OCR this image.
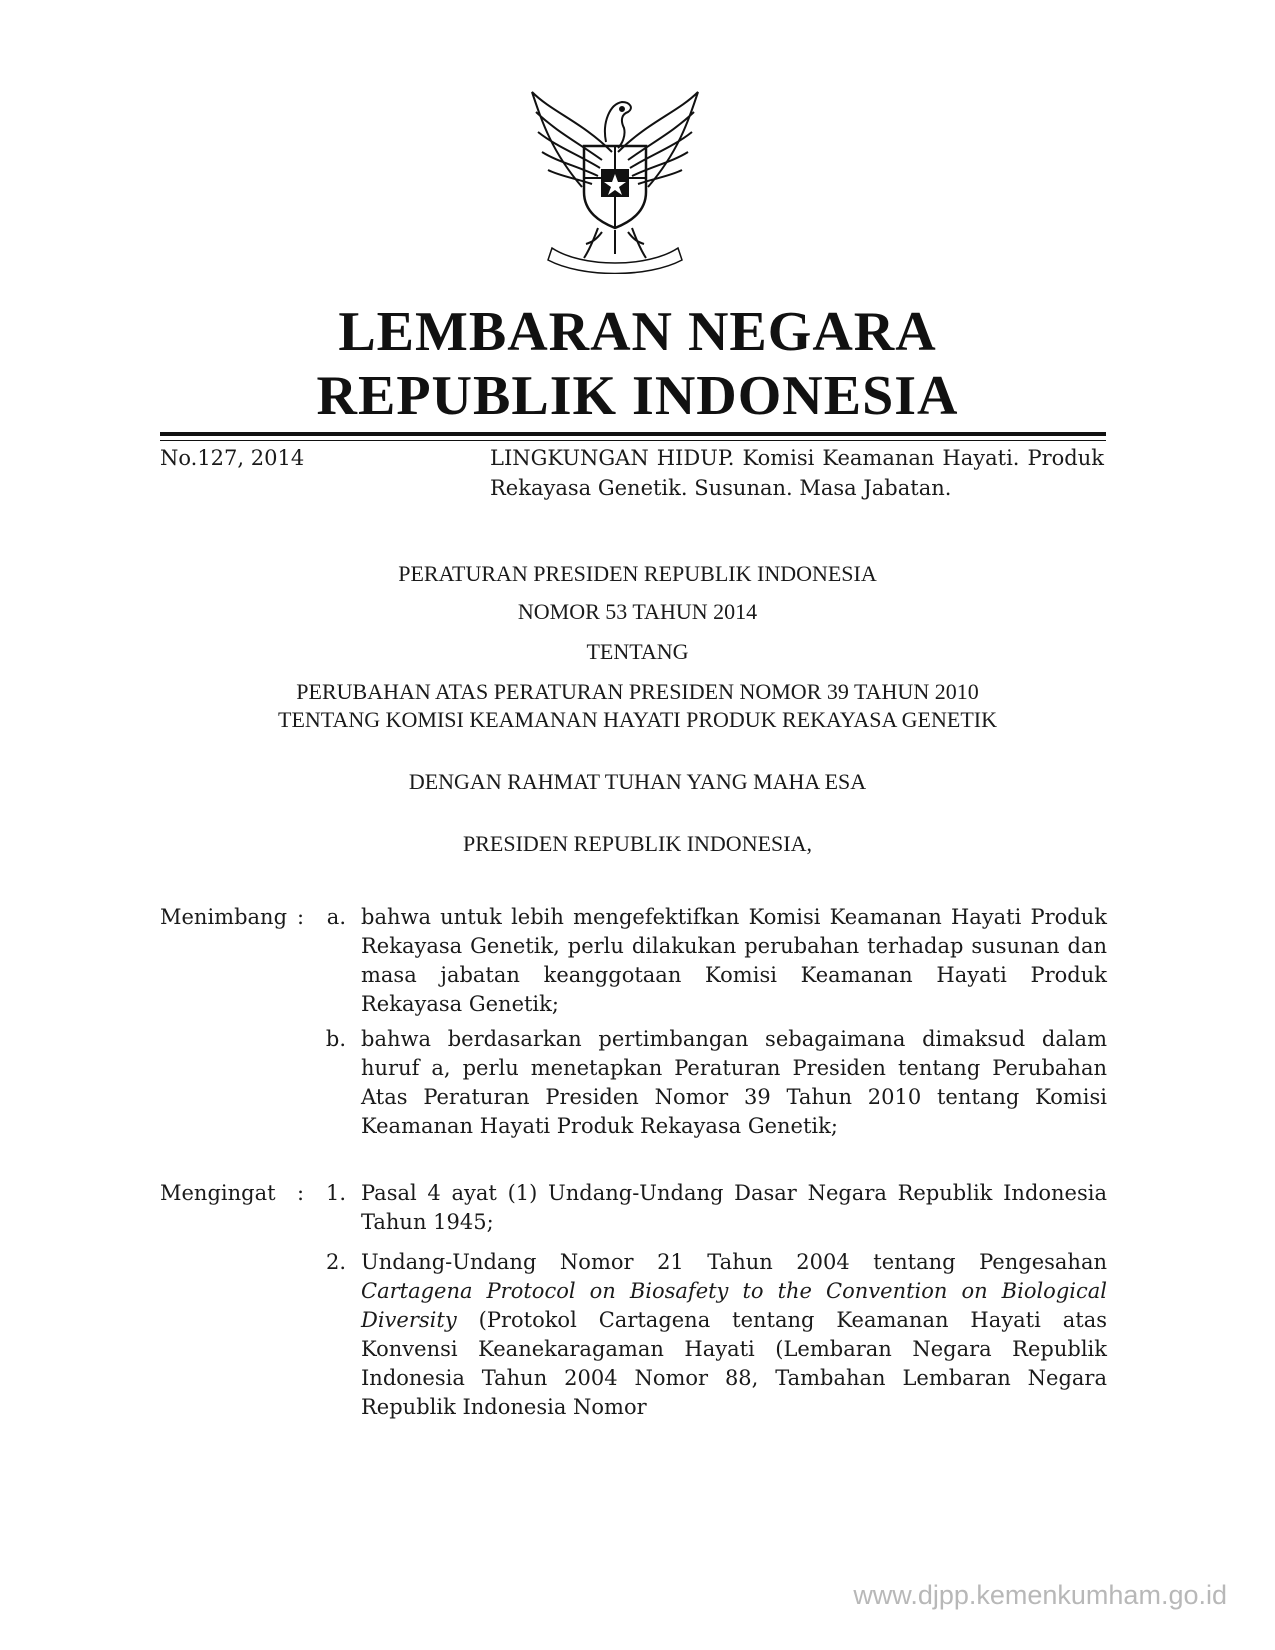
LEMBARAN NEGARA
REPUBLIK INDONESIA
No.127, 2014	LINGKUNGAN HIDUP. Komisi Keamanan Hayati. Produk Rekayasa Genetik. Susunan. Masa Jabatan.
PERATURAN PRESIDEN REPUBLIK INDONESIA
NOMOR 53 TAHUN 2014
TENTANG
PERUBAHAN ATAS PERATURAN PRESIDEN NOMOR 39 TAHUN 2010
TENTANG KOMISI KEAMANAN HAYATI PRODUK REKAYASA GENETIK
DENGAN RAHMAT TUHAN YANG MAHA ESA
PRESIDEN REPUBLIK INDONESIA,
Menimbang :	a. bahwa untuk lebih mengefektifkan Komisi Keamanan Hayati Produk Rekayasa Genetik, perlu dilakukan perubahan terhadap susunan dan masa jabatan keanggotaan Komisi Keamanan Hayati Produk Rekayasa Genetik;
b. bahwa berdasarkan pertimbangan sebagaimana dimaksud dalam huruf a, perlu menetapkan Peraturan Presiden tentang Perubahan Atas Peraturan Presiden Nomor 39 Tahun 2010 tentang Komisi Keamanan Hayati Produk Rekayasa Genetik;
Mengingat :	1. Pasal 4 ayat (1) Undang-Undang Dasar Negara Republik Indonesia Tahun 1945;
2. Undang-Undang Nomor 21 Tahun 2004 tentang Pengesahan Cartagena Protocol on Biosafety to the Convention on Biological Diversity (Protokol Cartagena tentang Keamanan Hayati atas Konvensi Keanekaragaman Hayati (Lembaran Negara Republik Indonesia Tahun 2004 Nomor 88, Tambahan Lembaran Negara Republik Indonesia Nomor
www.djpp.kemenkumham.go.id
